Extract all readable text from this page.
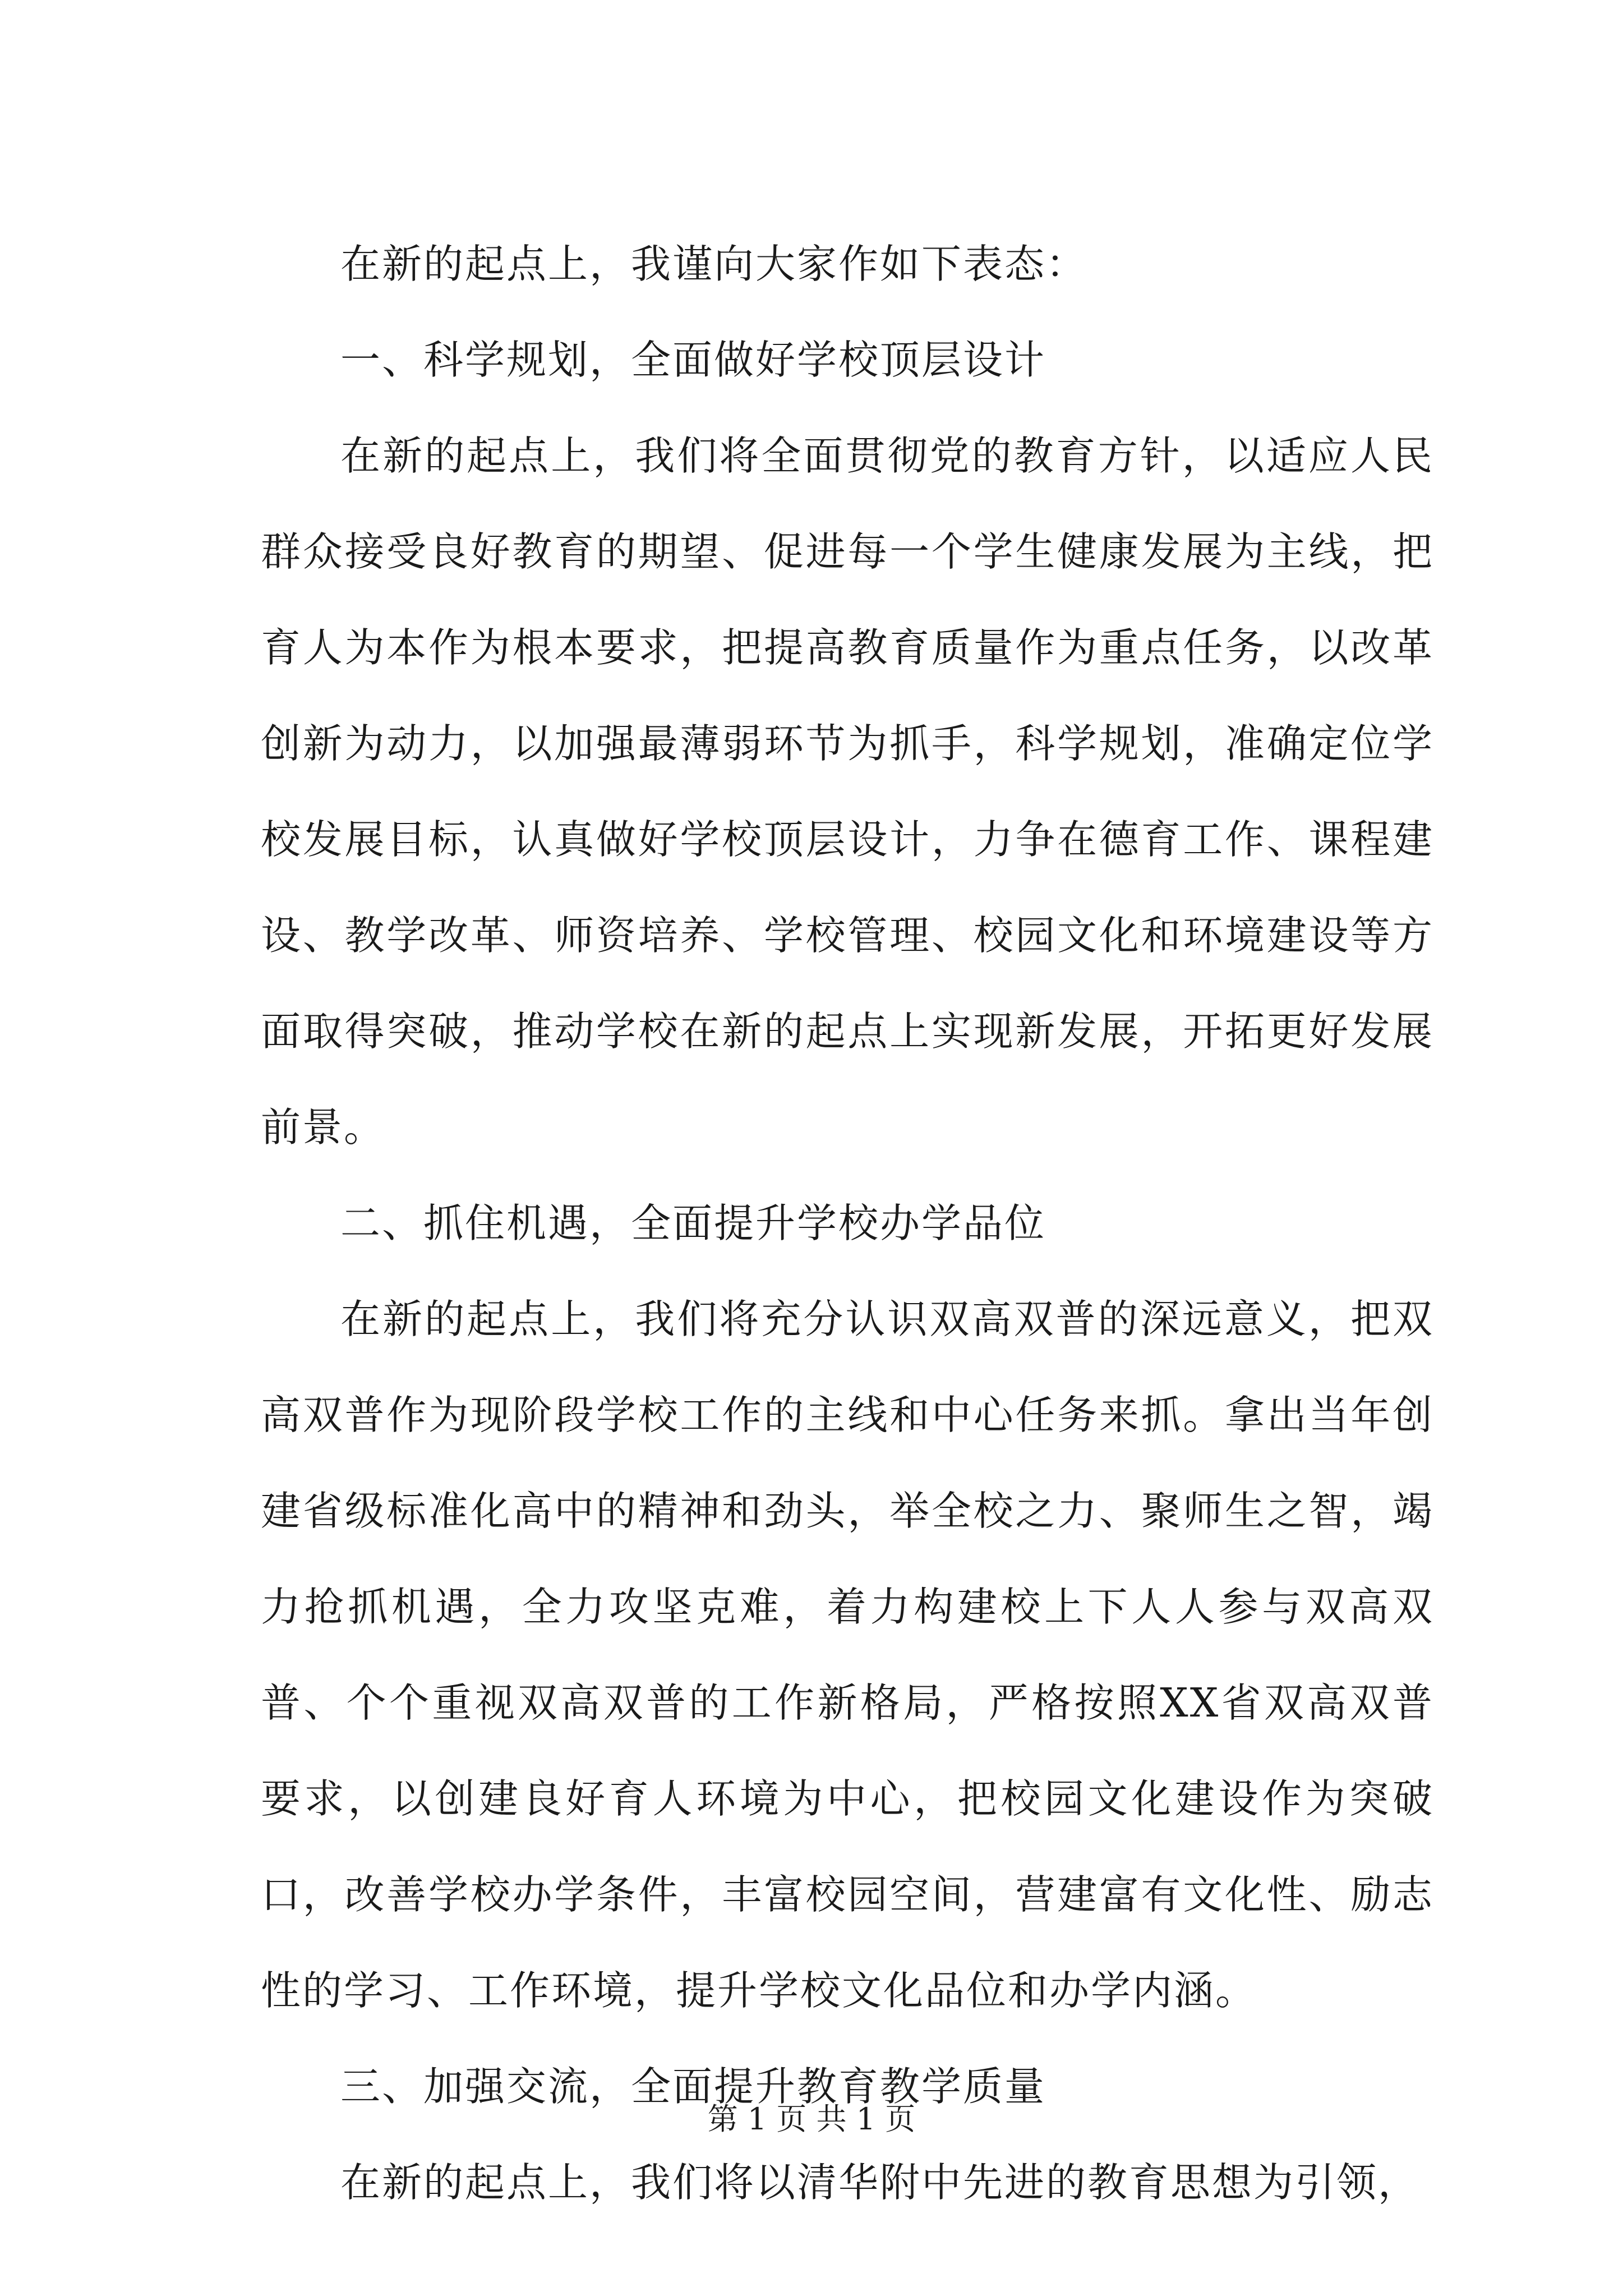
在新的起点上，我谨向大家作如下表态：

一、科学规划，全面做好学校顶层设计

在新的起点上，我们将全面贯彻党的教育方针，以适应人民群众接受良好教育的期望、促进每一个学生健康发展为主线，把育人为本作为根本要求，把提高教育质量作为重点任务，以改革创新为动力，以加强最薄弱环节为抓手，科学规划，准确定位学校发展目标，认真做好学校顶层设计，力争在德育工作、课程建设、教学改革、师资培养、学校管理、校园文化和环境建设等方面取得突破，推动学校在新的起点上实现新发展，开拓更好发展前景。

二、抓住机遇，全面提升学校办学品位

在新的起点上，我们将充分认识双高双普的深远意义，把双高双普作为现阶段学校工作的主线和中心任务来抓。拿出当年创建省级标准化高中的精神和劲头，举全校之力、聚师生之智，竭力抢抓机遇，全力攻坚克难，着力构建校上下人人参与双高双普、个个重视双高双普的工作新格局，严格按照XX省双高双普要求，以创建良好育人环境为中心，把校园文化建设作为突破口，改善学校办学条件，丰富校园空间，营建富有文化性、励志性的学习、工作环境，提升学校文化品位和办学内涵。

三、加强交流，全面提升教育教学质量

在新的起点上，我们将以清华附中先进的教育思想为引领，

第 1 页 共 1 页
